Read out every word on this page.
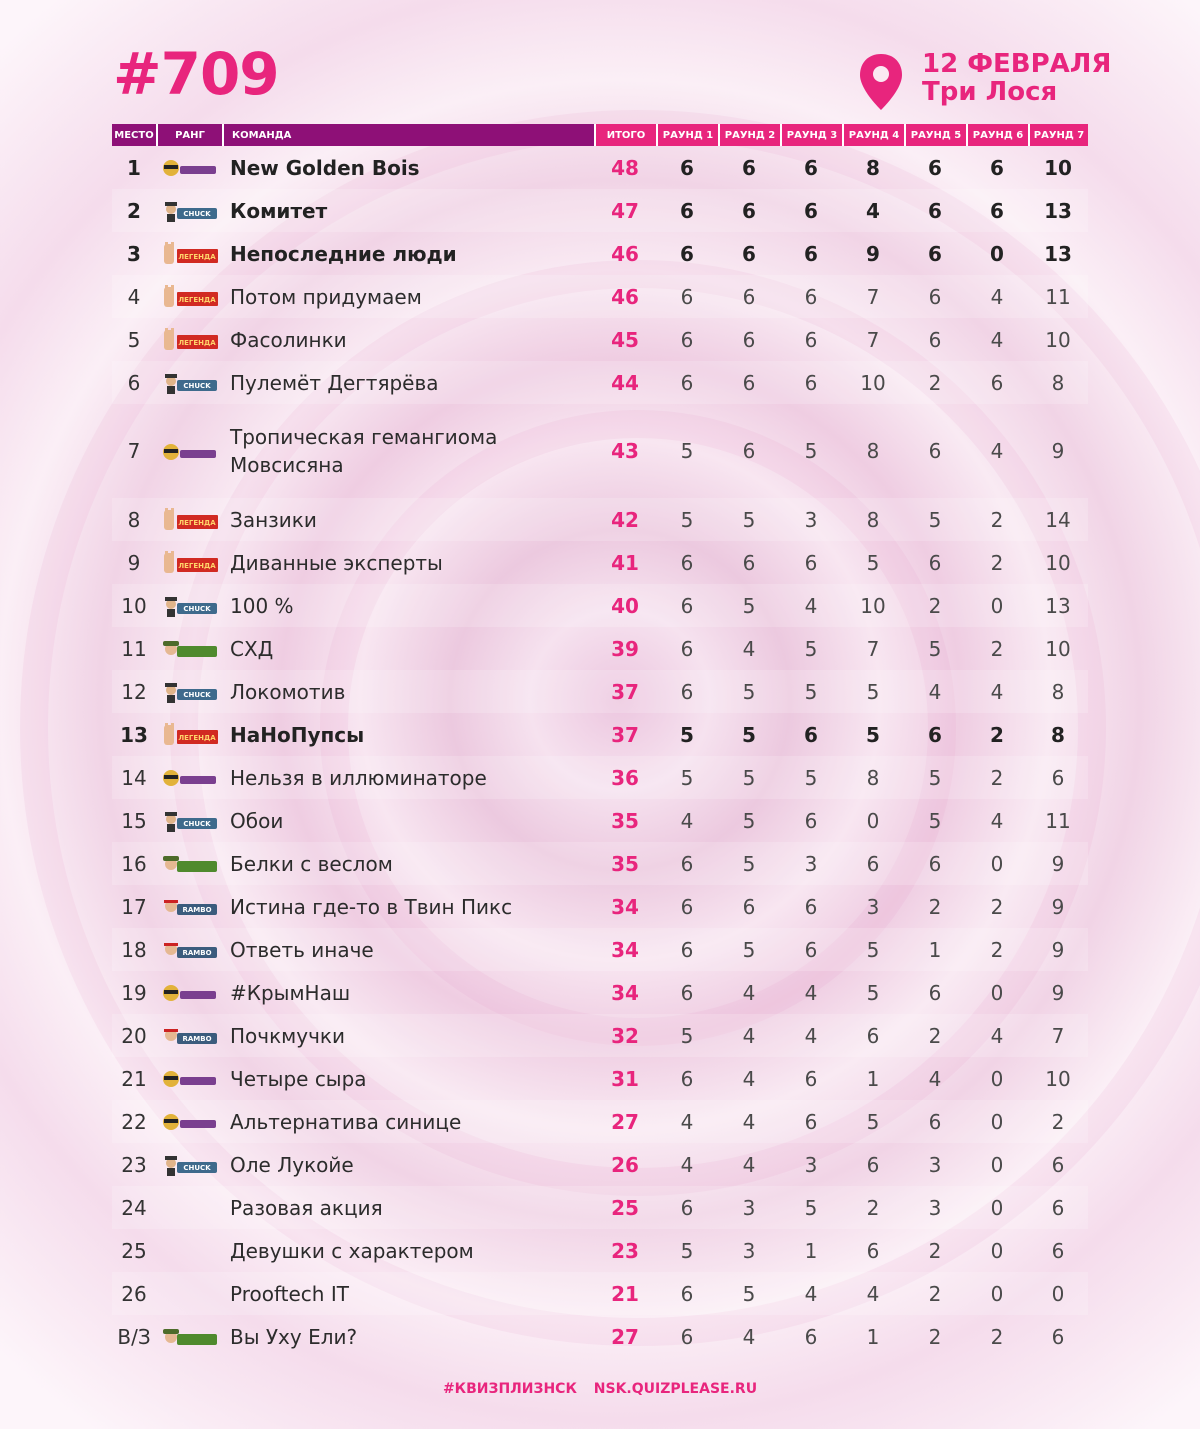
#709	12 ФЕВРАЛЯ
Три Лося
МЕСТО	РАНГ	КОМАНДА	ИТОГО	РАУНД 1	РАУНД 2	РАУНД 3	РАУНД 4	РАУНД 5	РАУНД 6	РАУНД 7
1		New Golden Bois	48	6	6	6	8	6	6	10
2	CHUCK	Комитет	47	6	6	6	4	6	6	13
3	ЛЕГЕНДА	Непоследние люди	46	6	6	6	9	6	0	13
4	ЛЕГЕНДА	Потом придумаем	46	6	6	6	7	6	4	11
5	ЛЕГЕНДА	Фасолинки	45	6	6	6	7	6	4	10
6	CHUCK	Пулемёт Дегтярёва	44	6	6	6	10	2	6	8
7		Тропическая гемангиома Мовсисяна	43	5	6	5	8	6	4	9
8	ЛЕГЕНДА	Занзики	42	5	5	3	8	5	2	14
9	ЛЕГЕНДА	Диванные эксперты	41	6	6	6	5	6	2	10
10	CHUCK	100 %	40	6	5	4	10	2	0	13
11		СХД	39	6	4	5	7	5	2	10
12	CHUCK	Локомотив	37	6	5	5	5	4	4	8
13	ЛЕГЕНДА	НаНоПупсы	37	5	5	6	5	6	2	8
14		Нельзя в иллюминаторе	36	5	5	5	8	5	2	6
15	CHUCK	Обои	35	4	5	6	0	5	4	11
16		Белки с веслом	35	6	5	3	6	6	0	9
17	RAMBO	Истина где-то в Твин Пикс	34	6	6	6	3	2	2	9
18	RAMBO	Ответь иначе	34	6	5	6	5	1	2	9
19		#КрымНаш	34	6	4	4	5	6	0	9
20	RAMBO	Почкмучки	32	5	4	4	6	2	4	7
21		Четыре сыра	31	6	4	6	1	4	0	10
22		Альтернатива синице	27	4	4	6	5	6	0	2
23	CHUCK	Оле Лукойе	26	4	4	3	6	3	0	6
24		Разовая акция	25	6	3	5	2	3	0	6
25		Девушки с характером	23	5	3	1	6	2	0	6
26		Prooftech IT	21	6	5	4	4	2	0	0
В/З		Вы Ухy Ели?	27	6	4	6	1	2	2	6
#КВИЗПЛИЗНСК NSK.QUIZPLEASE.RU
